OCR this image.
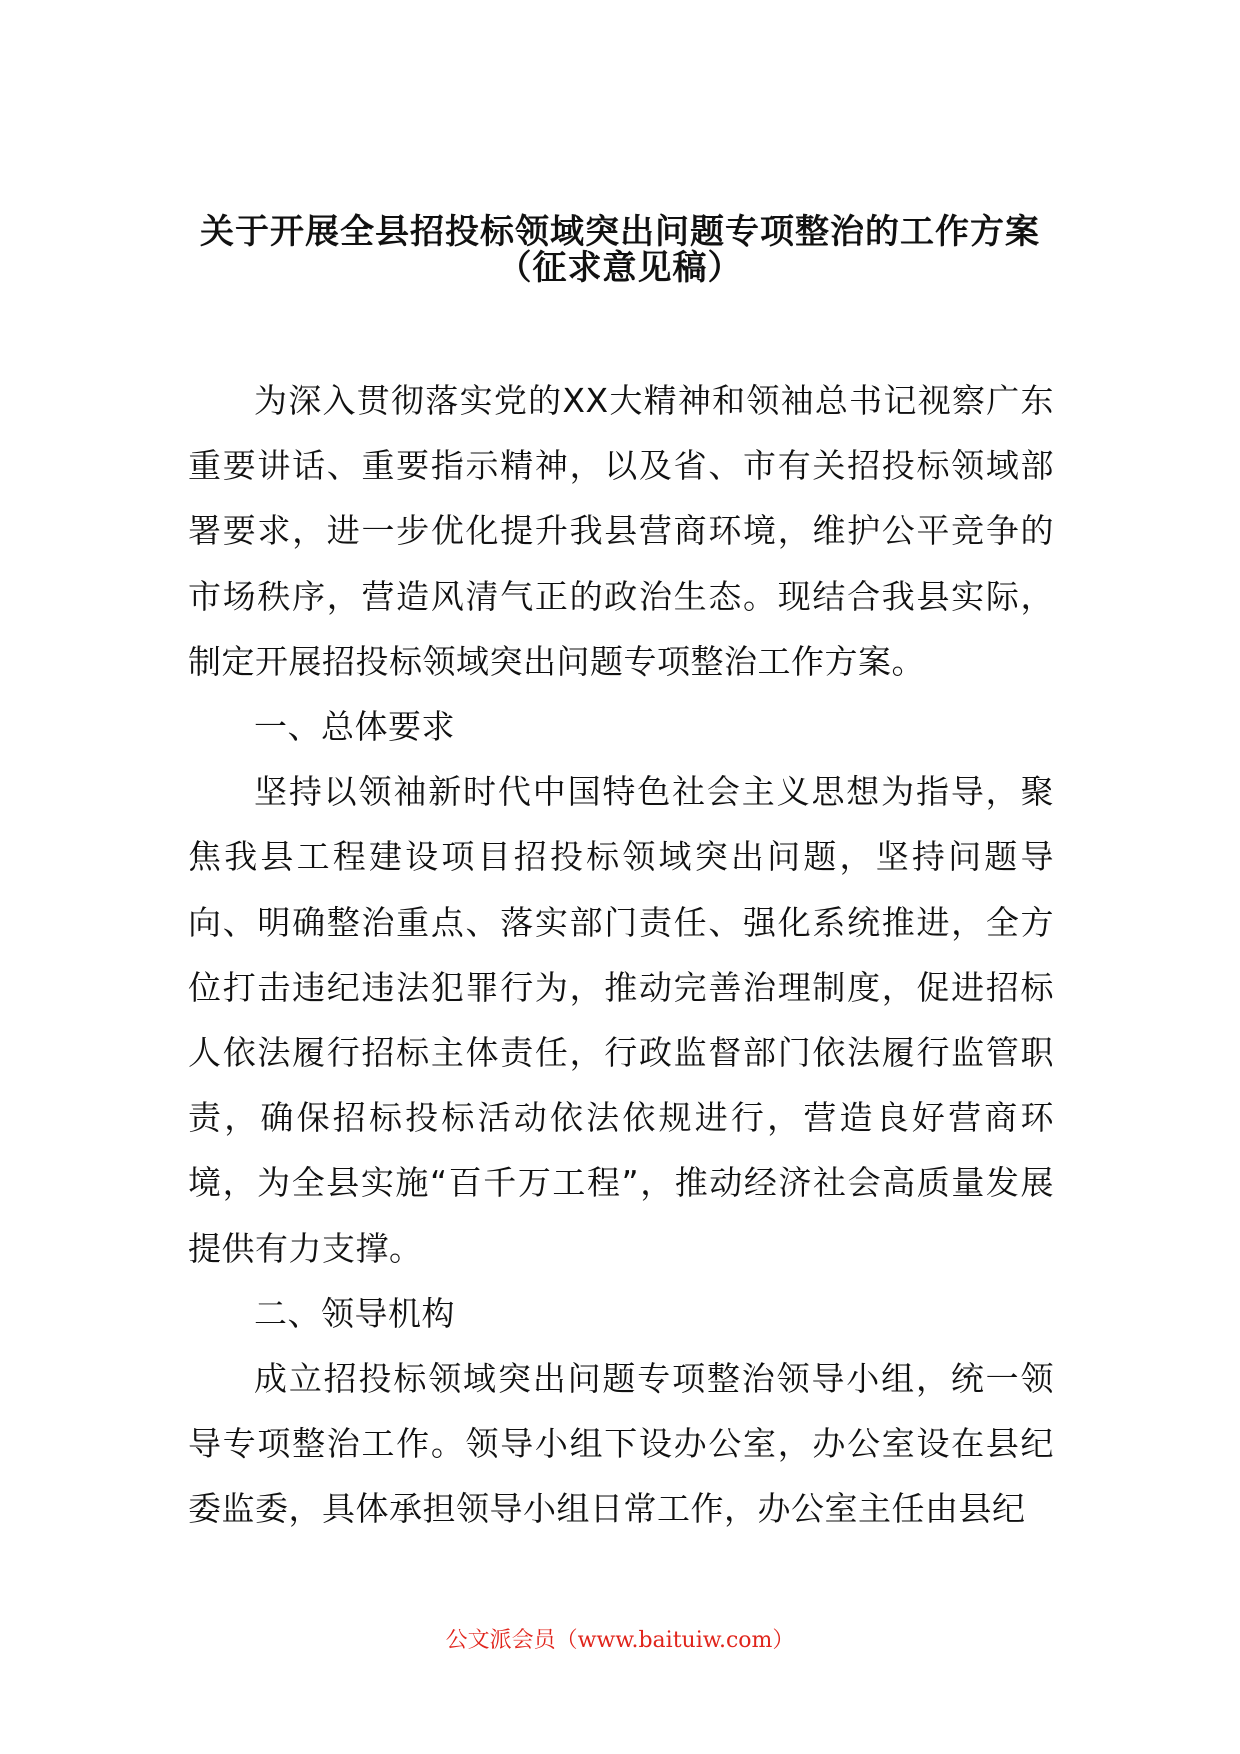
关于开展全县招投标领域突出问题专项整治的工作方案
（征求意见稿）

为深入贯彻落实党的XX大精神和领袖总书记视察广东重要讲话、重要指示精神，以及省、市有关招投标领域部署要求，进一步优化提升我县营商环境，维护公平竞争的市场秩序，营造风清气正的政治生态。现结合我县实际，制定开展招投标领域突出问题专项整治工作方案。

一、总体要求

坚持以领袖新时代中国特色社会主义思想为指导，聚焦我县工程建设项目招投标领域突出问题，坚持问题导向、明确整治重点、落实部门责任、强化系统推进，全方位打击违纪违法犯罪行为，推动完善治理制度，促进招标人依法履行招标主体责任，行政监督部门依法履行监管职责，确保招标投标活动依法依规进行，营造良好营商环境，为全县实施“百千万工程”，推动经济社会高质量发展提供有力支撑。

二、领导机构

成立招投标领域突出问题专项整治领导小组，统一领导专项整治工作。领导小组下设办公室，办公室设在县纪委监委，具体承担领导小组日常工作，办公室主任由县纪

公文派会员（www.baituiw.com）
